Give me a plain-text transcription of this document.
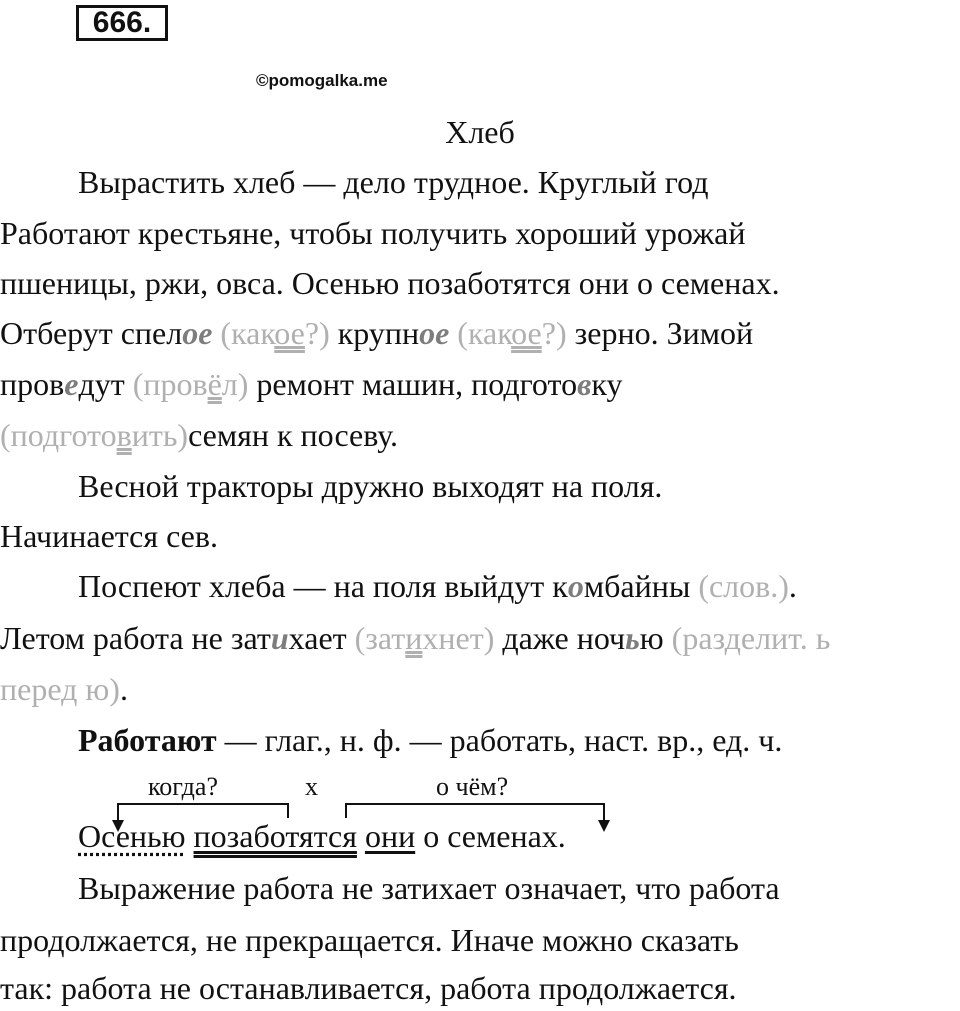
666.
©pomogalka.me
Хлеб
Вырастить хлеб — дело трудное. Круглый год
Работают крестьяне, чтобы получить хороший урожай
пшеницы, ржи, овса. Осенью позаботятся они о семенах.
Отберут спелое (какое?) крупное (какое?) зерно. Зимой
проведут (провёл) ремонт машин, подготовку
(подготовить)семян к посеву.
Весной тракторы дружно выходят на поля.
Начинается сев.
Поспеют хлеба — на поля выйдут комбайны (слов.).
Летом работа не затихает (затихнет) даже ночью (разделит. ь
перед ю).
Работают — глаг., н. ф. — работать, наст. вр., ед. ч.
когда?	х	о чём?
Осенью позаботятся они о семенах.
Выражение работа не затихает означает, что работа
продолжается, не прекращается. Иначе можно сказать
так: работа не останавливается, работа продолжается.
